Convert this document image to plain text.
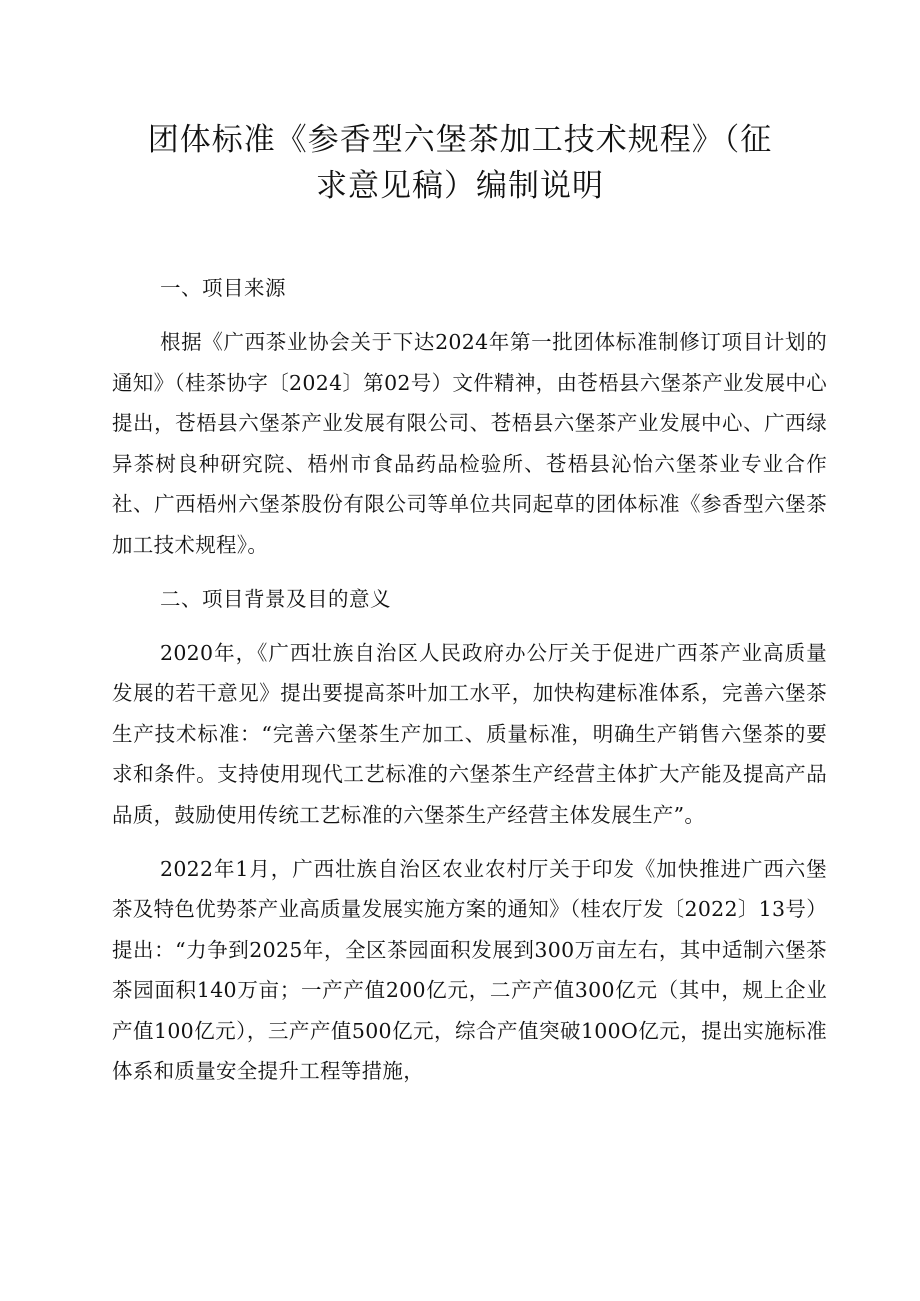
团体标准《参香型六堡茶加工技术规程》（征
求意见稿）编制说明

一、项目来源

根据《广西茶业协会关于下达2024年第一批团体标准制修订项目计划的通知》（桂茶协字〔2024〕第02号）文件精神，由苍梧县六堡茶产业发展中心提出，苍梧县六堡茶产业发展有限公司、苍梧县六堡茶产业发展中心、广西绿异茶树良种研究院、梧州市食品药品检验所、苍梧县沁怡六堡茶业专业合作社、广西梧州六堡茶股份有限公司等单位共同起草的团体标准《参香型六堡茶加工技术规程》。

二、项目背景及目的意义

2020年，《广西壮族自治区人民政府办公厅关于促进广西茶产业高质量发展的若干意见》提出要提高茶叶加工水平，加快构建标准体系，完善六堡茶生产技术标准：“完善六堡茶生产加工、质量标准，明确生产销售六堡茶的要求和条件。支持使用现代工艺标准的六堡茶生产经营主体扩大产能及提高产品品质，鼓励使用传统工艺标准的六堡茶生产经营主体发展生产”。

2022年1月，广西壮族自治区农业农村厅关于印发《加快推进广西六堡茶及特色优势茶产业高质量发展实施方案的通知》（桂农厅发〔2022〕13号）提出：“力争到2025年，全区茶园面积发展到300万亩左右，其中适制六堡茶茶园面积140万亩；一产产值200亿元，二产产值300亿元（其中，规上企业产值100亿元），三产产值500亿元，综合产值突破100O亿元，提出实施标准体系和质量安全提升工程等措施，
